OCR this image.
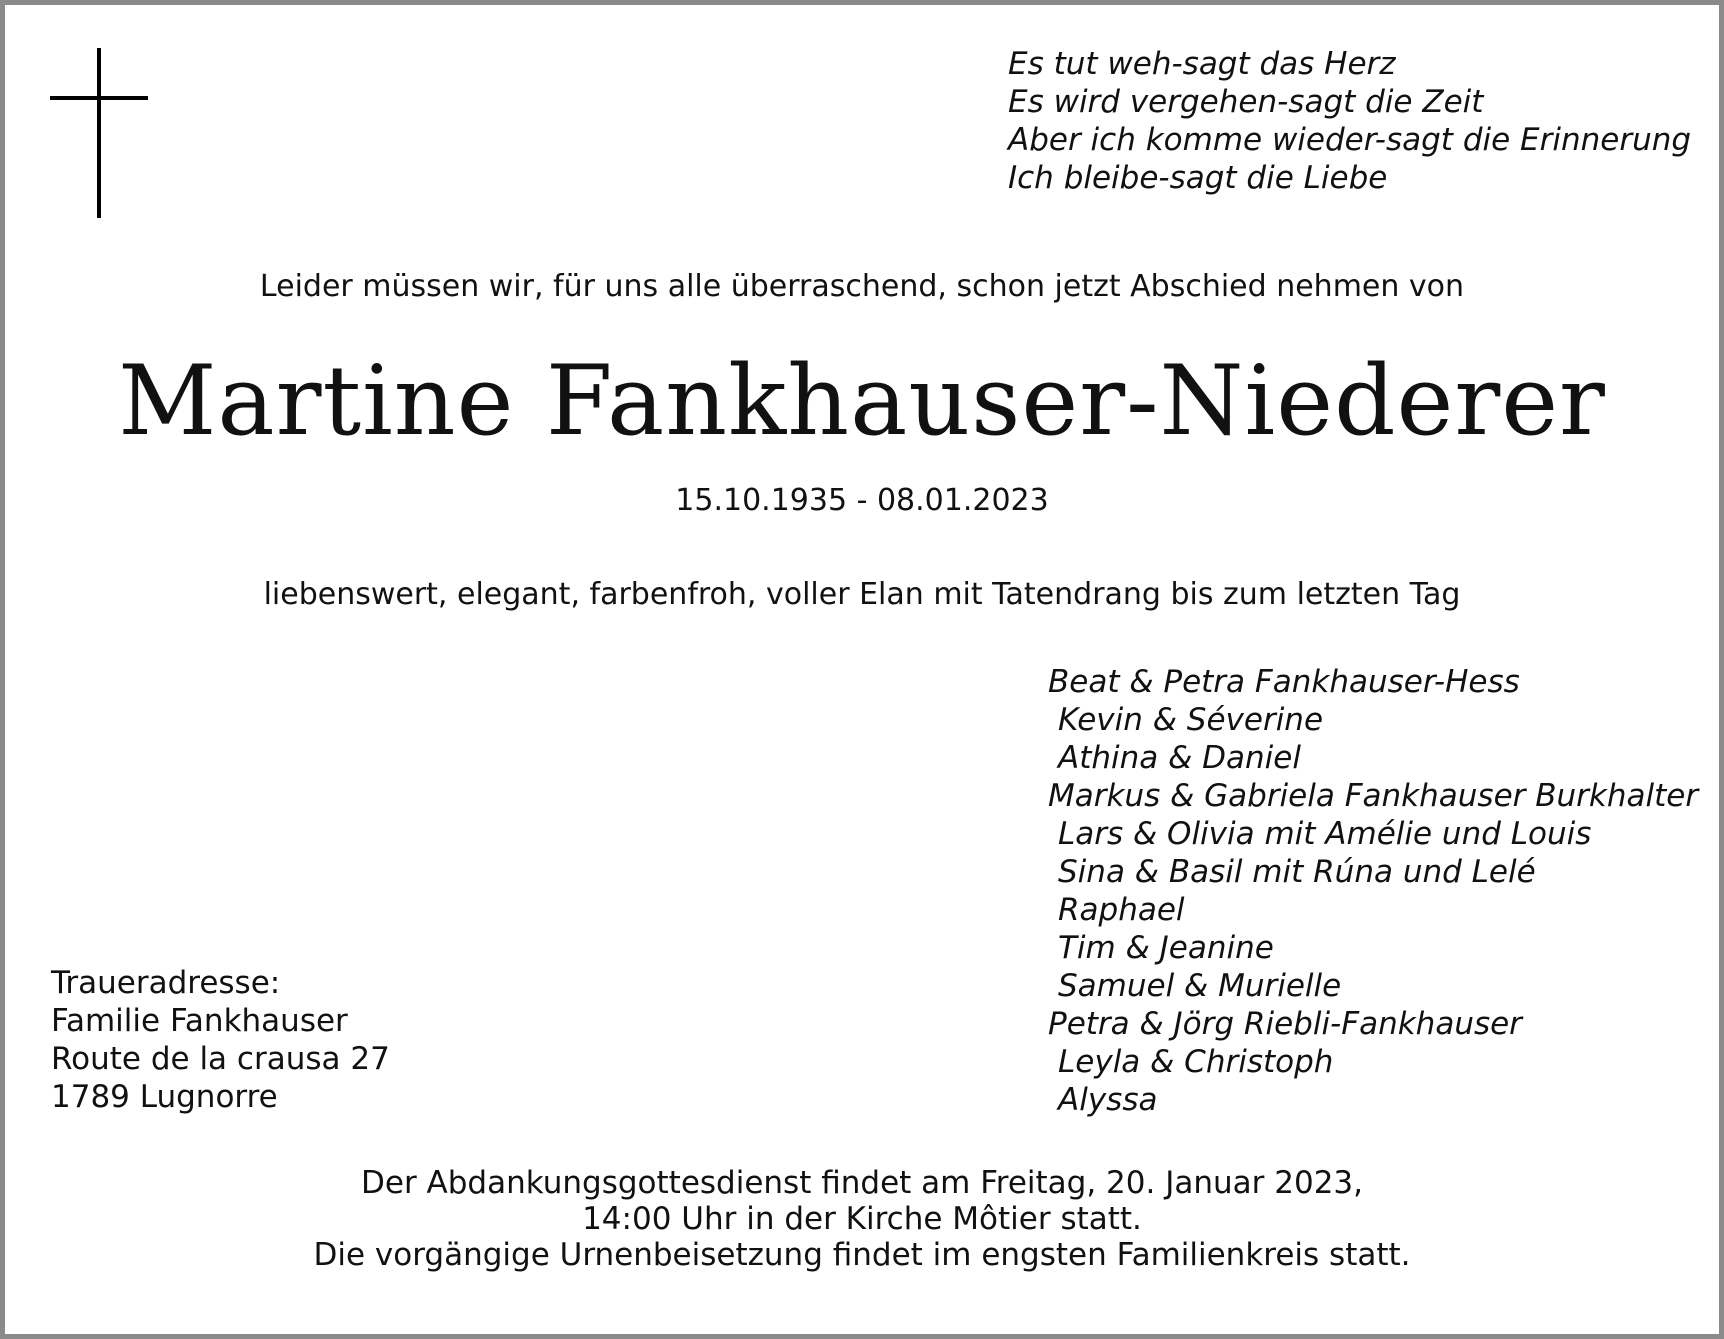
Es tut weh-sagt das Herz
Es wird vergehen-sagt die Zeit
Aber ich komme wieder-sagt die Erinnerung
Ich bleibe-sagt die Liebe
Leider müssen wir, für uns alle überraschend, schon jetzt Abschied nehmen von
Martine Fankhauser-Niederer
15.10.1935 - 08.01.2023
liebenswert, elegant, farbenfroh, voller Elan mit Tatendrang bis zum letzten Tag
Beat & Petra Fankhauser-Hess
Kevin & Séverine
Athina & Daniel
Markus & Gabriela Fankhauser Burkhalter
Lars & Olivia mit Amélie und Louis
Sina & Basil mit Rúna und Lelé
Raphael
Tim & Jeanine
Samuel & Murielle
Petra & Jörg Riebli-Fankhauser
Leyla & Christoph
Alyssa
Traueradresse:
Familie Fankhauser
Route de la crausa 27
1789 Lugnorre
Der Abdankungsgottesdienst findet am Freitag, 20. Januar 2023,
14:00 Uhr in der Kirche Môtier statt.
Die vorgängige Urnenbeisetzung findet im engsten Familienkreis statt.
